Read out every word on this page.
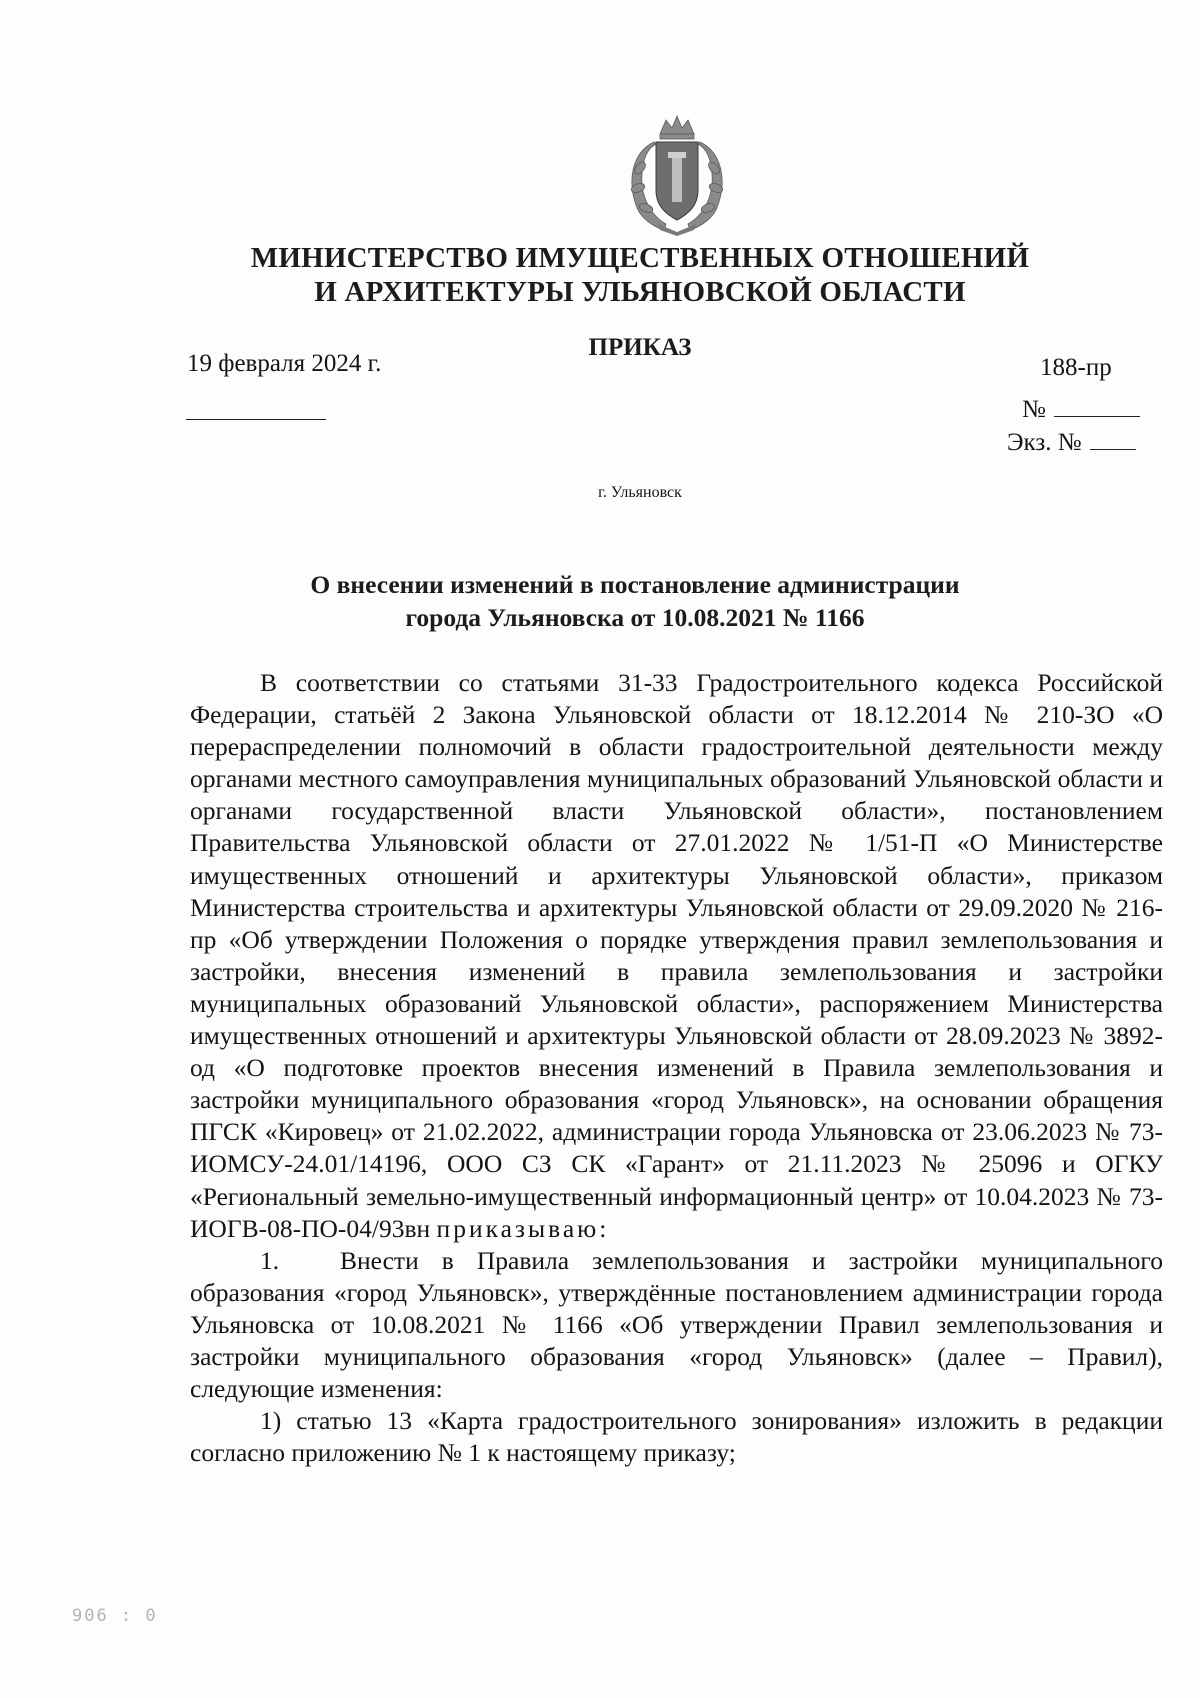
МИНИСТЕРСТВО ИМУЩЕСТВЕННЫХ ОТНОШЕНИЙ
И АРХИТЕКТУРЫ УЛЬЯНОВСКОЙ ОБЛАСТИ
ПРИКАЗ
19 февраля 2024 г.	188-пр
№
Экз. №
г. Ульяновск
О внесении изменений в постановление администрации
города Ульяновска от 10.08.2021 № 1166

В соответствии со статьями 31-33 Градостроительного кодекса Российской Федерации, статьёй 2 Закона Ульяновской области от 18.12.2014 № 210-ЗО «О перераспределении полномочий в области градостроительной деятельности между органами местного самоуправления муниципальных образований Ульяновской области и органами государственной власти Ульяновской области», постановлением Правительства Ульяновской области от 27.01.2022 № 1/51-П «О Министерстве имущественных отношений и архитектуры Ульяновской области», приказом Министерства строительства и архитектуры Ульяновской области от 29.09.2020 № 216-пр «Об утверждении Положения о порядке утверждения правил землепользования и застройки, внесения изменений в правила землепользования и застройки муниципальных образований Ульяновской области», распоряжением Министерства имущественных отношений и архитектуры Ульяновской области от 28.09.2023 № 3892-од «О подготовке проектов внесения изменений в Правила землепользования и застройки муниципального образования «город Ульяновск», на основании обращения ПГСК «Кировец» от 21.02.2022, администрации города Ульяновска от 23.06.2023 № 73-ИОМСУ-24.01/14196, ООО СЗ СК «Гарант» от 21.11.2023 № 25096 и ОГКУ «Региональный земельно-имущественный информационный центр» от 10.04.2023 № 73-ИОГВ-08-ПО-04/93вн приказываю:

1. Внести в Правила землепользования и застройки муниципального образования «город Ульяновск», утверждённые постановлением администрации города Ульяновска от 10.08.2021 № 1166 «Об утверждении Правил землепользования и застройки муниципального образования «город Ульяновск» (далее – Правил), следующие изменения:

1) статью 13 «Карта градостроительного зонирования» изложить в редакции согласно приложению № 1 к настоящему приказу;

906 : 0
